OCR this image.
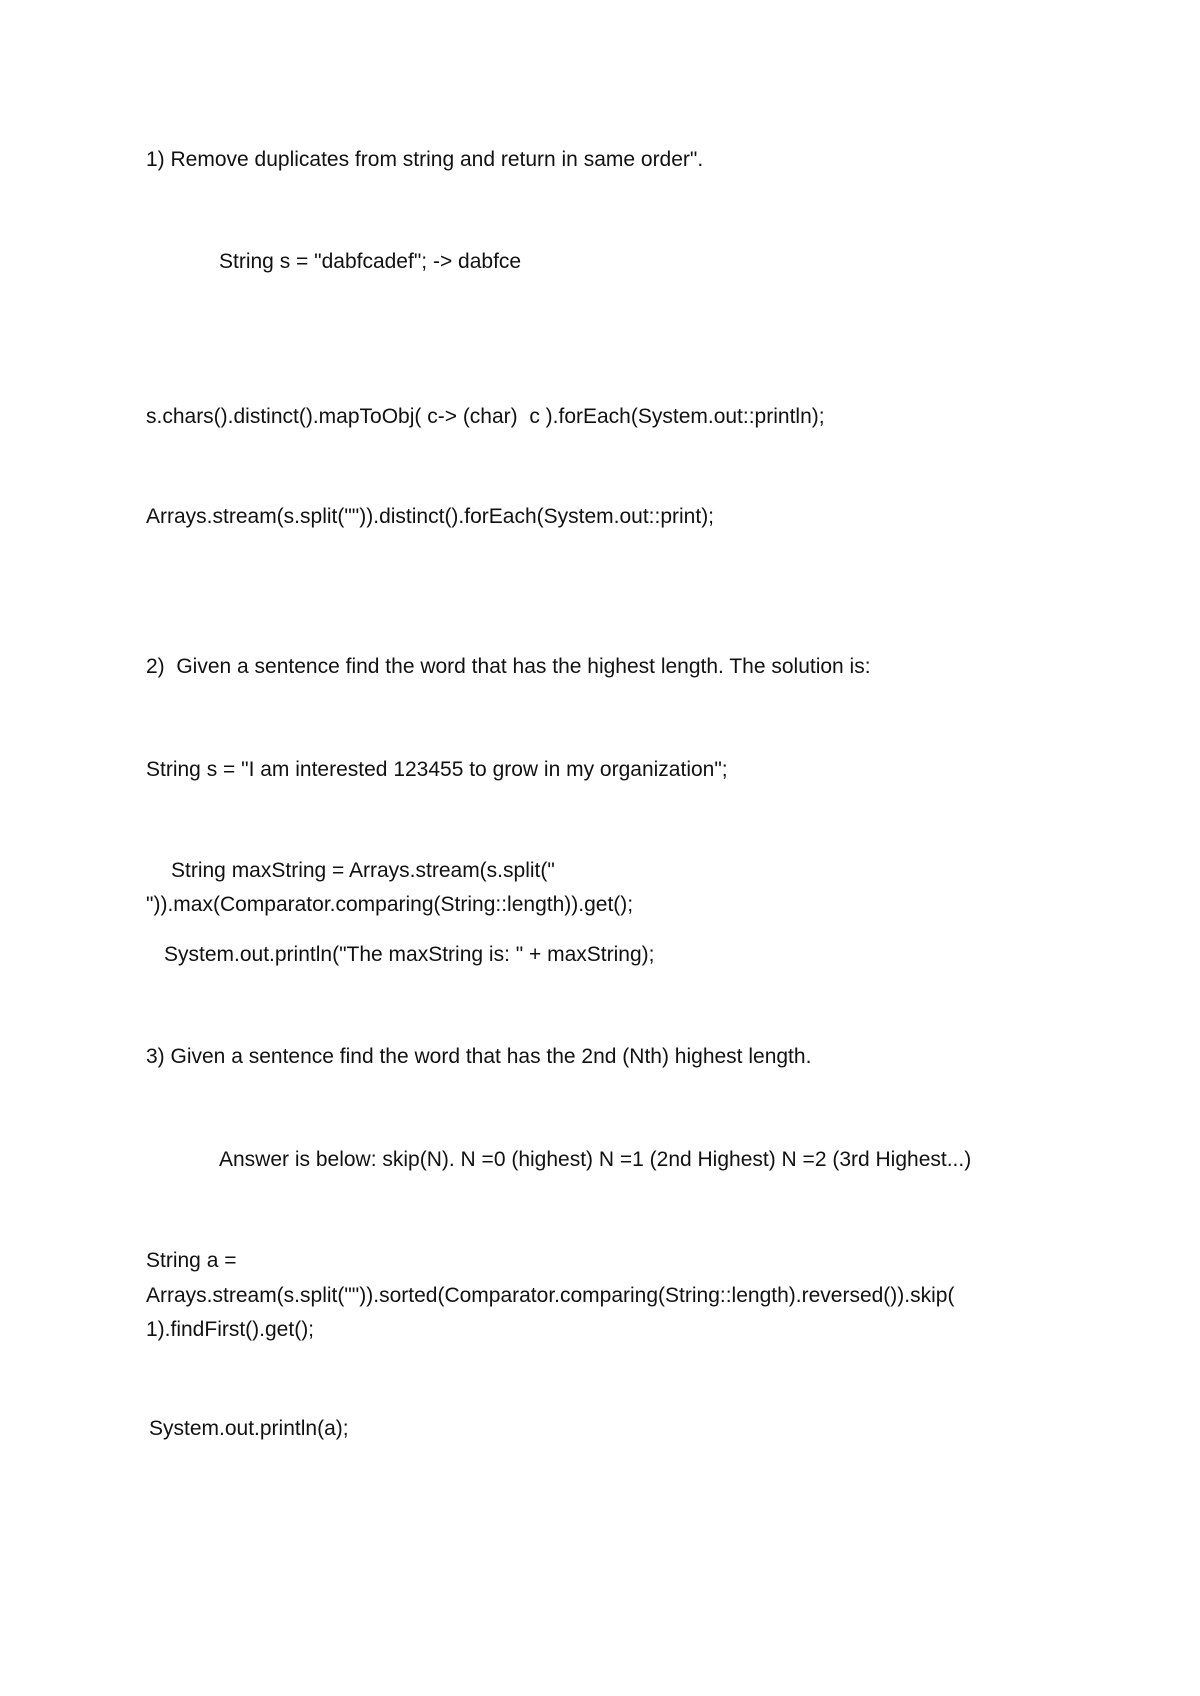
1) Remove duplicates from string and return in same order".

String s = "dabfcadef"; -> dabfce

s.chars().distinct().mapToObj( c-> (char)  c ).forEach(System.out::println);

Arrays.stream(s.split("")).distinct().forEach(System.out::print);

2)  Given a sentence find the word that has the highest length. The solution is:

String s = "I am interested 123455 to grow in my organization";

String maxString = Arrays.stream(s.split("

")).max(Comparator.comparing(String::length)).get();

System.out.println("The maxString is: " + maxString);

3) Given a sentence find the word that has the 2nd (Nth) highest length.

Answer is below: skip(N). N =0 (highest) N =1 (2nd Highest) N =2 (3rd Highest...)

String a =

Arrays.stream(s.split("")).sorted(Comparator.comparing(String::length).reversed()).skip(

1).findFirst().get();

System.out.println(a);
